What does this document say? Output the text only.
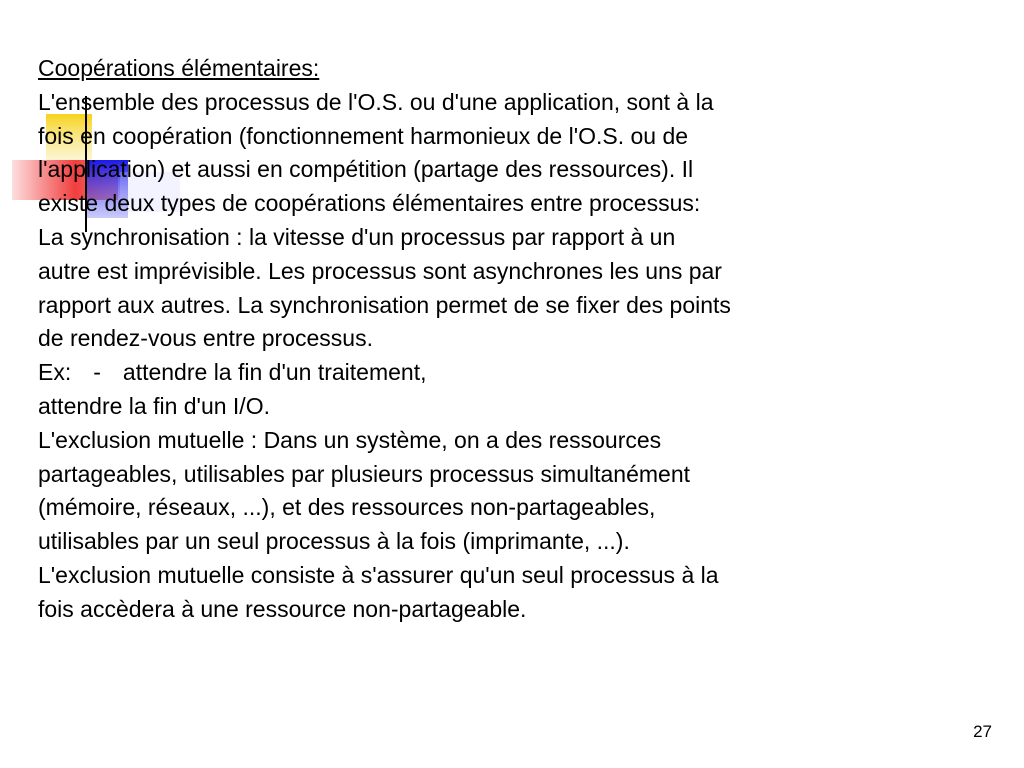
Coopérations élémentaires:
L'ensemble des processus de l'O.S. ou d'une application, sont à la
fois en coopération (fonctionnement harmonieux de l'O.S. ou de
l'application) et aussi en compétition (partage des ressources). Il
existe deux types de coopérations élémentaires entre processus:
La synchronisation : la vitesse d'un processus par rapport à un
autre est imprévisible. Les processus sont asynchrones les uns par
rapport aux autres. La synchronisation permet de se fixer des points
de rendez-vous entre processus.
Ex: - attendre la fin d'un traitement,
attendre la fin d'un I/O.
L'exclusion mutuelle : Dans un système, on a des ressources
partageables, utilisables par plusieurs processus simultanément
(mémoire, réseaux, ...), et des ressources non-partageables,
utilisables par un seul processus à la fois (imprimante, ...).
L'exclusion mutuelle consiste à s'assurer qu'un seul processus à la
fois accèdera à une ressource non-partageable.
27
